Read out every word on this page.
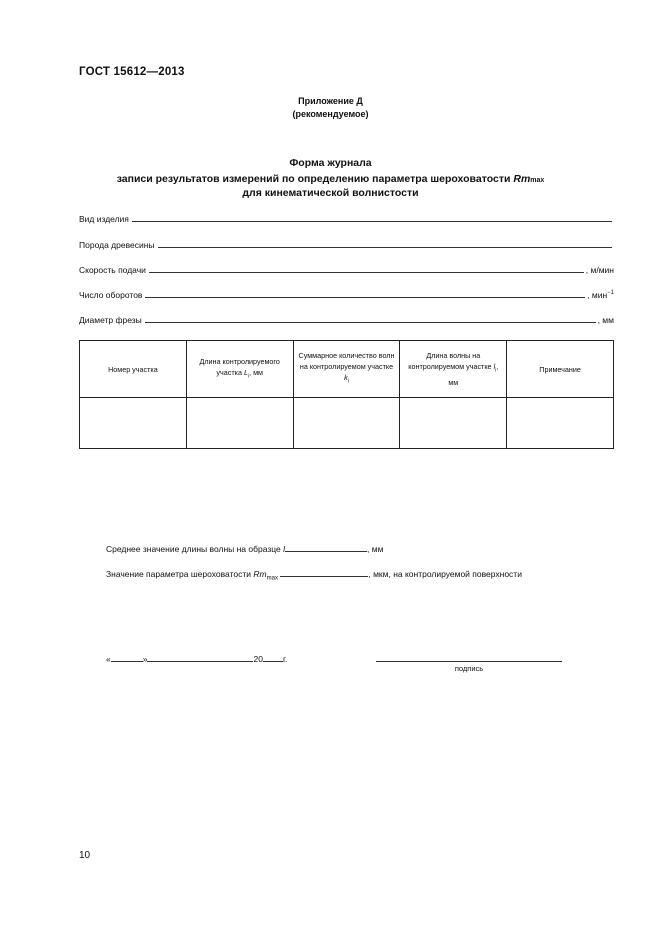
ГОСТ 15612—2013
Приложение Д
(рекомендуемое)
Форма журнала
записи результатов измерений по определению параметра шероховатости Rmmax
для кинематической волнистости
Вид изделия
Порода древесины
Скорость подачи	, м/мин
Число оборотов	, мин$^{-1}$
Диаметр фрезы	, мм
Номер участка	Длина контролируемого участка $L_i$, мм	Суммарное количество волн на контролируемом участке $k_i$	Длина волны на контролируемом участке $l_i$, мм	Примечание

Среднее значение длины волны на образце l	, мм
Значение параметра шероховатости $Rm_{max}$	, мкм, на контролируемой поверхности
«	»	20 г.
подпись
10
